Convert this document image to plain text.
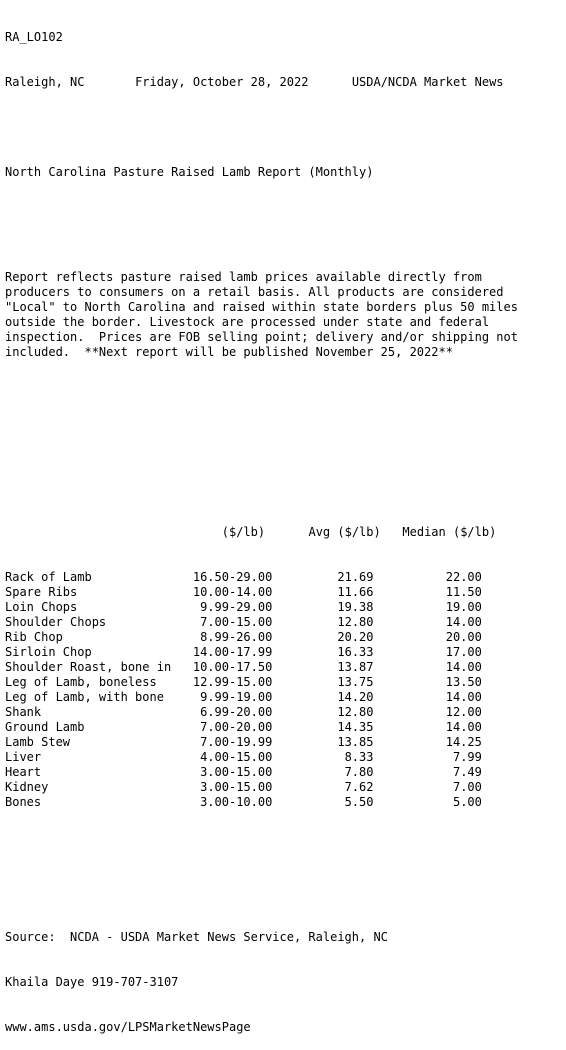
RA_LO102

Raleigh, NC	Friday, October 28, 2022	USDA/NCDA Market News

North Carolina Pasture Raised Lamb Report (Monthly)

Report reflects pasture raised lamb prices available directly from
producers to consumers on a retail basis. All products are considered
"Local" to North Carolina and raised within state borders plus 50 miles
outside the border. Livestock are processed under state and federal
inspection.  Prices are FOB selling point; delivery and/or shipping not
included.  **Next report will be published November 25, 2022**

($/lb)	Avg ($/lb) Median ($/lb)

Rack of Lamb	16.50-29.00	21.69	22.00
Spare Ribs	10.00-14.00	11.66	11.50
Loin Chops	9.99-29.00	19.38	19.00
Shoulder Chops	7.00-15.00	12.80	14.00
Rib Chop	8.99-26.00	20.20	20.00
Sirloin Chop	14.00-17.99	16.33	17.00
Shoulder Roast, bone in 10.00-17.50	13.87	14.00
Leg of Lamb, boneless	12.99-15.00	13.75	13.50
Leg of Lamb, with bone	9.99-19.00	14.20	14.00
Shank	6.99-20.00	12.80	12.00
Ground Lamb	7.00-20.00	14.35	14.00
Lamb Stew	7.00-19.99	13.85	14.25
Liver	4.00-15.00	8.33	7.99
Heart	3.00-15.00	7.80	7.49
Kidney	3.00-15.00	7.62	7.00
Bones	3.00-10.00	5.50	5.00

Source:  NCDA - USDA Market News Service, Raleigh, NC

Khaila Daye 919-707-3107

www.ams.usda.gov/LPSMarketNewsPage
